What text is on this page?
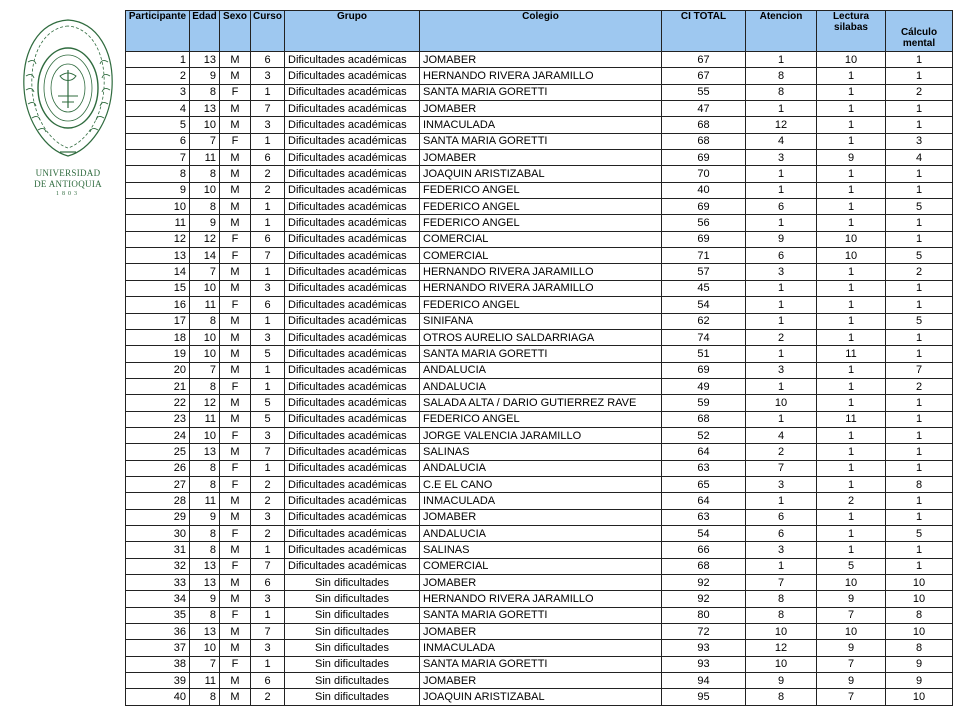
UNIVERSIDAD
DE ANTIOQUIA
1803
Participante	Edad	Sexo	Curso	Grupo	Colegio	CI TOTAL	Atencion	Lectura silabas	Cálculo mental
1	13	M	6	Dificultades académicas	JOMABER	67	1	10	1
2	9	M	3	Dificultades académicas	HERNANDO RIVERA JARAMILLO	67	8	1	1
3	8	F	1	Dificultades académicas	SANTA MARIA GORETTI	55	8	1	2
4	13	M	7	Dificultades académicas	JOMABER	47	1	1	1
5	10	M	3	Dificultades académicas	INMACULADA	68	12	1	1
6	7	F	1	Dificultades académicas	SANTA MARIA GORETTI	68	4	1	3
7	11	M	6	Dificultades académicas	JOMABER	69	3	9	4
8	8	M	2	Dificultades académicas	JOAQUIN ARISTIZABAL	70	1	1	1
9	10	M	2	Dificultades académicas	FEDERICO ANGEL	40	1	1	1
10	8	M	1	Dificultades académicas	FEDERICO ANGEL	69	6	1	5
11	9	M	1	Dificultades académicas	FEDERICO ANGEL	56	1	1	1
12	12	F	6	Dificultades académicas	COMERCIAL	69	9	10	1
13	14	F	7	Dificultades académicas	COMERCIAL	71	6	10	5
14	7	M	1	Dificultades académicas	HERNANDO RIVERA JARAMILLO	57	3	1	2
15	10	M	3	Dificultades académicas	HERNANDO RIVERA JARAMILLO	45	1	1	1
16	11	F	6	Dificultades académicas	FEDERICO ANGEL	54	1	1	1
17	8	M	1	Dificultades académicas	SINIFANA	62	1	1	5
18	10	M	3	Dificultades académicas	OTROS AURELIO SALDARRIAGA	74	2	1	1
19	10	M	5	Dificultades académicas	SANTA MARIA GORETTI	51	1	11	1
20	7	M	1	Dificultades académicas	ANDALUCIA	69	3	1	7
21	8	F	1	Dificultades académicas	ANDALUCIA	49	1	1	2
22	12	M	5	Dificultades académicas	SALADA ALTA / DARIO GUTIERREZ RAVE	59	10	1	1
23	11	M	5	Dificultades académicas	FEDERICO ANGEL	68	1	11	1
24	10	F	3	Dificultades académicas	JORGE VALENCIA JARAMILLO	52	4	1	1
25	13	M	7	Dificultades académicas	SALINAS	64	2	1	1
26	8	F	1	Dificultades académicas	ANDALUCIA	63	7	1	1
27	8	F	2	Dificultades académicas	C.E EL CANO	65	3	1	8
28	11	M	2	Dificultades académicas	INMACULADA	64	1	2	1
29	9	M	3	Dificultades académicas	JOMABER	63	6	1	1
30	8	F	2	Dificultades académicas	ANDALUCIA	54	6	1	5
31	8	M	1	Dificultades académicas	SALINAS	66	3	1	1
32	13	F	7	Dificultades académicas	COMERCIAL	68	1	5	1
33	13	M	6	Sin dificultades	JOMABER	92	7	10	10
34	9	M	3	Sin dificultades	HERNANDO RIVERA JARAMILLO	92	8	9	10
35	8	F	1	Sin dificultades	SANTA MARIA GORETTI	80	8	7	8
36	13	M	7	Sin dificultades	JOMABER	72	10	10	10
37	10	M	3	Sin dificultades	INMACULADA	93	12	9	8
38	7	F	1	Sin dificultades	SANTA MARIA GORETTI	93	10	7	9
39	11	M	6	Sin dificultades	JOMABER	94	9	9	9
40	8	M	2	Sin dificultades	JOAQUIN ARISTIZABAL	95	8	7	10
